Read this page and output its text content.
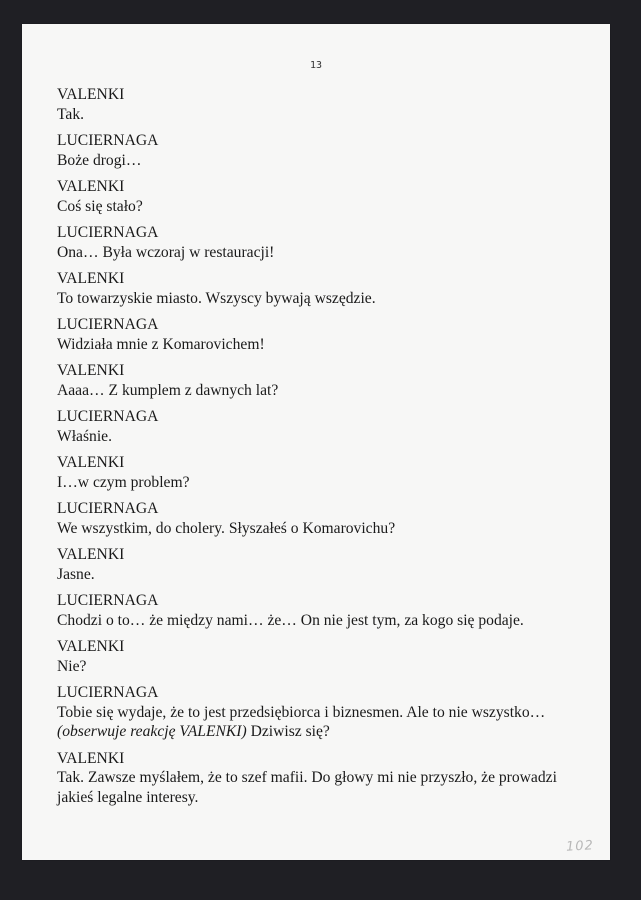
13
VALENKI
Tak.
LUCIERNAGA
Boże drogi…
VALENKI
Coś się stało?
LUCIERNAGA
Ona… Była wczoraj w restauracji!
VALENKI
To towarzyskie miasto. Wszyscy bywają wszędzie.
LUCIERNAGA
Widziała mnie z Komarovichem!
VALENKI
Aaaa… Z kumplem z dawnych lat?
LUCIERNAGA
Właśnie.
VALENKI
I…w czym problem?
LUCIERNAGA
We wszystkim, do cholery. Słyszałeś o Komarovichu?
VALENKI
Jasne.
LUCIERNAGA
Chodzi o to… że między nami… że… On nie jest tym, za kogo się podaje.
VALENKI
Nie?
LUCIERNAGA
Tobie się wydaje, że to jest przedsiębiorca i biznesmen. Ale to nie wszystko… (obserwuje reakcję VALENKI) Dziwisz się?
VALENKI
Tak. Zawsze myślałem, że to szef mafii. Do głowy mi nie przyszło, że prowadzi jakieś legalne interesy.
102
